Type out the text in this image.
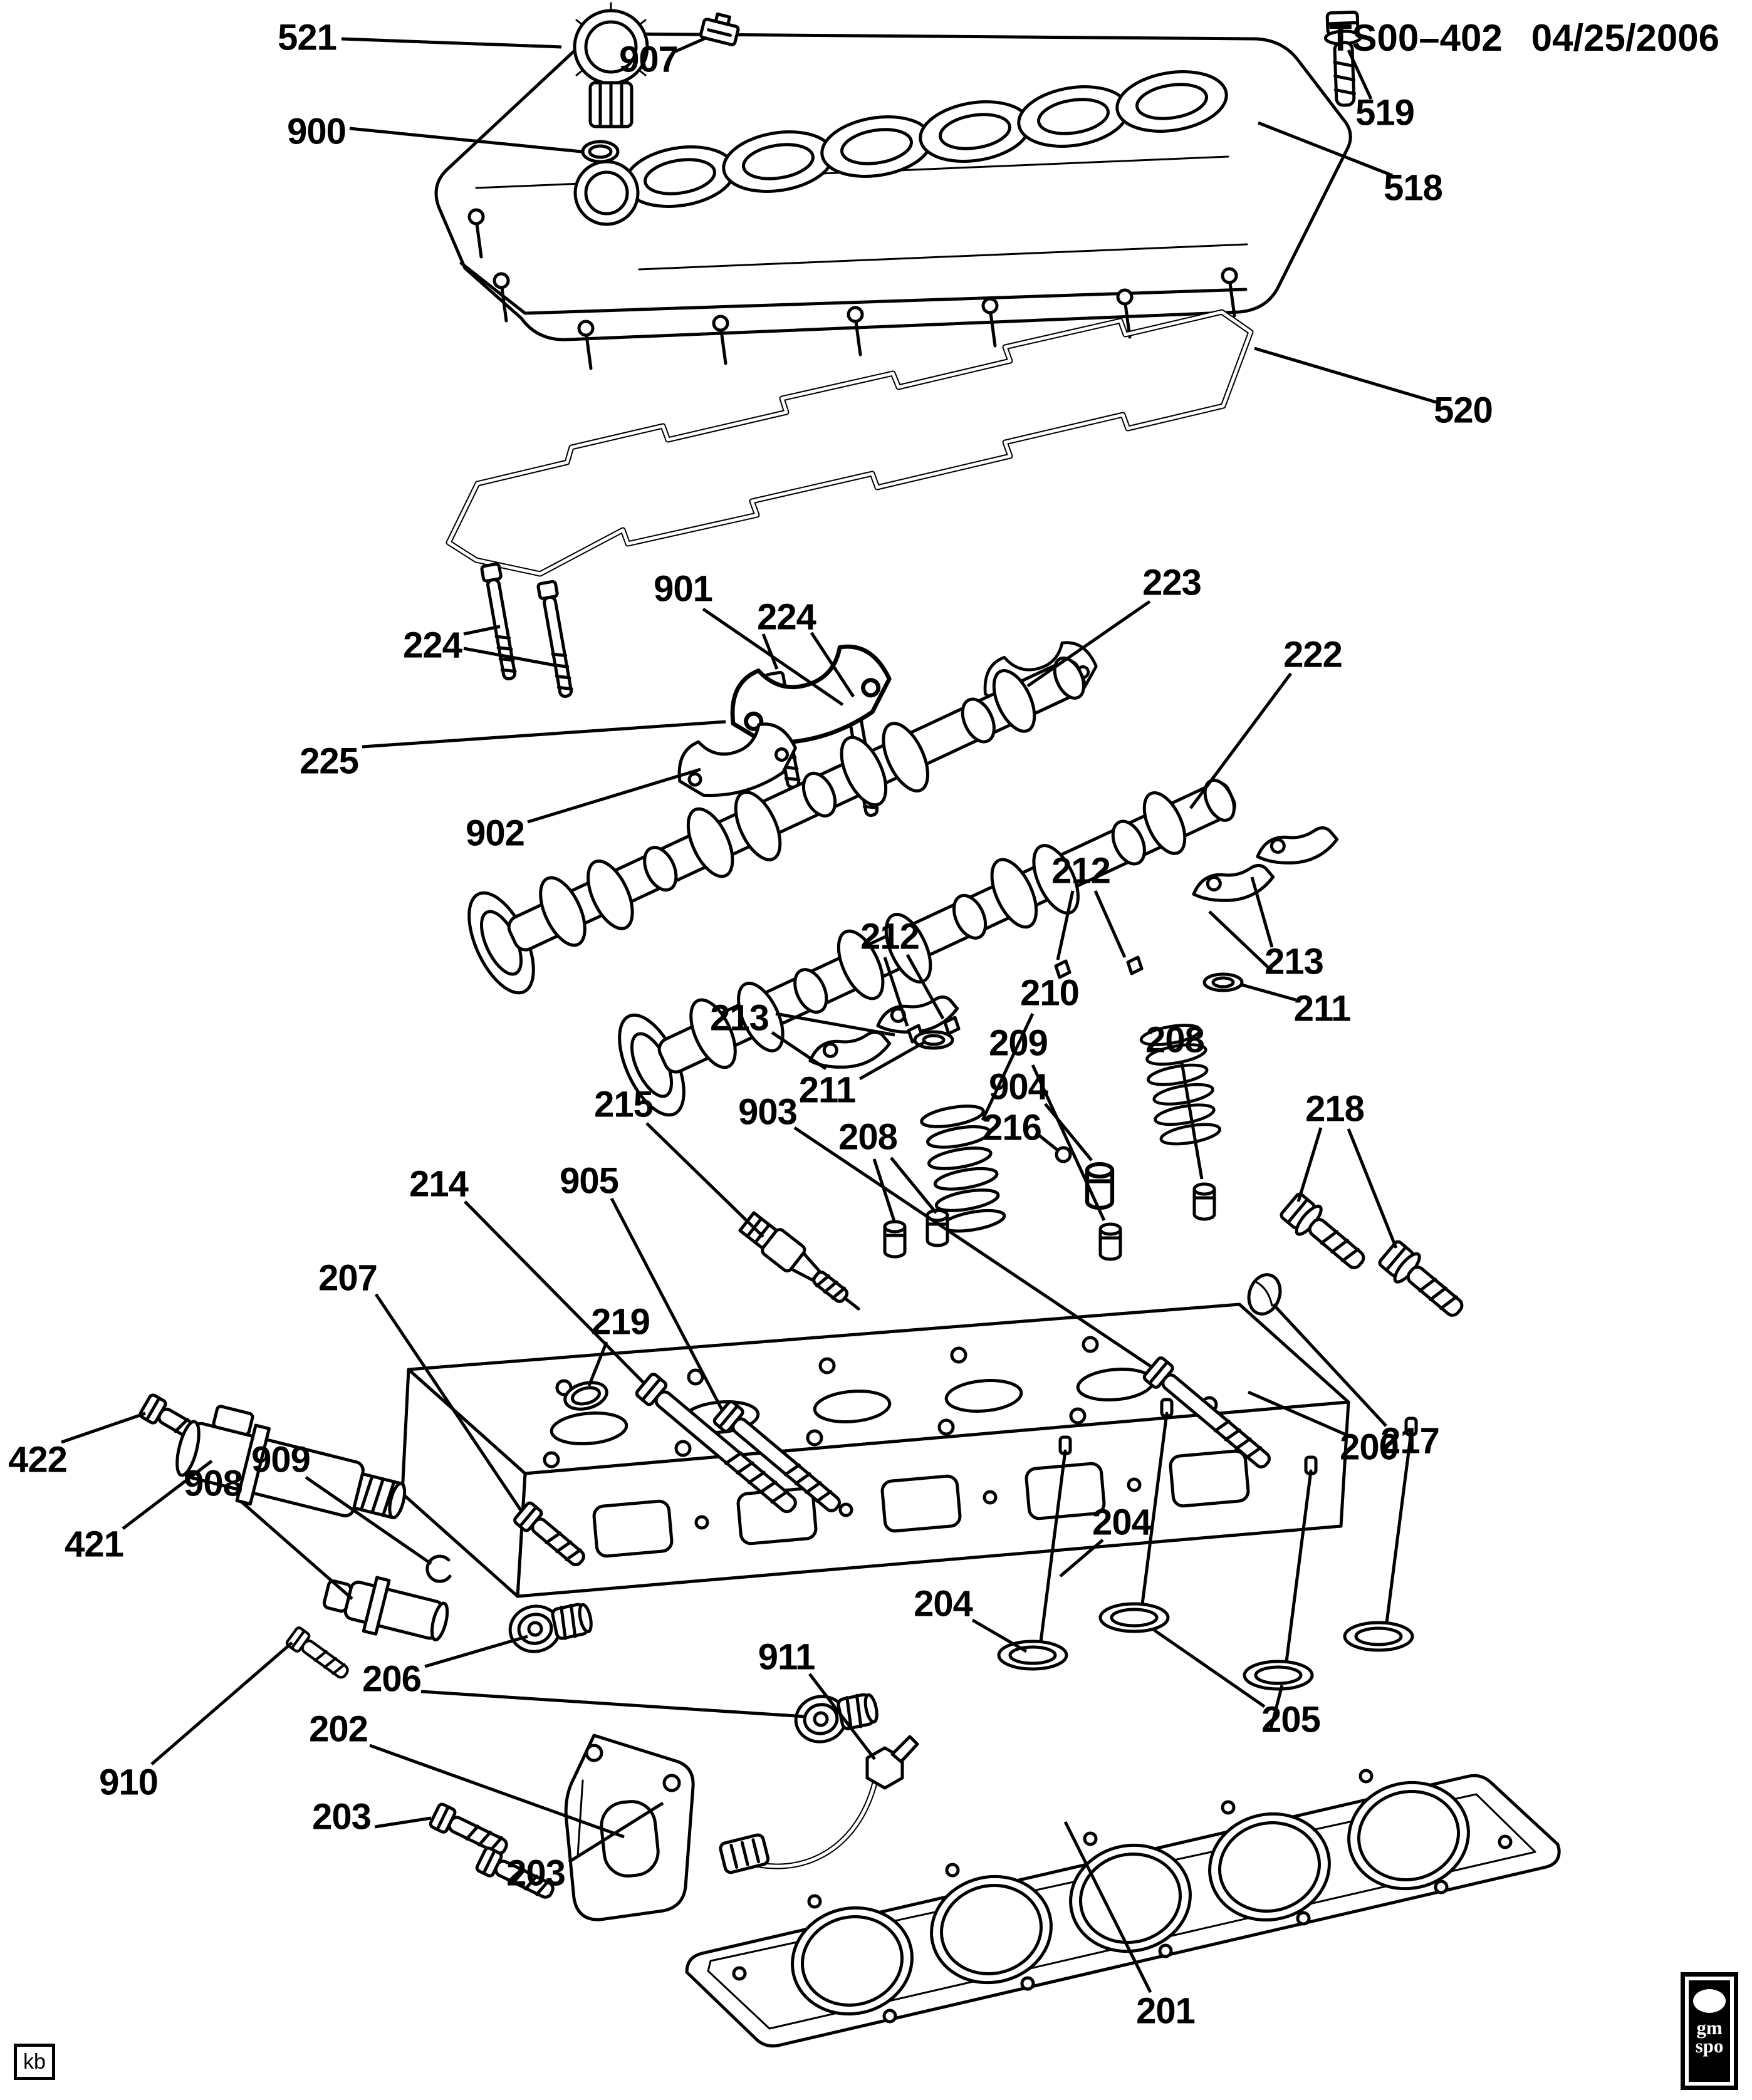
521
907
900	519
518
520
901
224
224
223
222
225
902
212
213
212
213
210	211
211
215 903
209	208
904
208 216	218
214	905
207
219
217
422	200
421
908
909
204
204
206
910
202
911
205
203
203
201
TS00–402 04/25/2006
kb
gm
spo
